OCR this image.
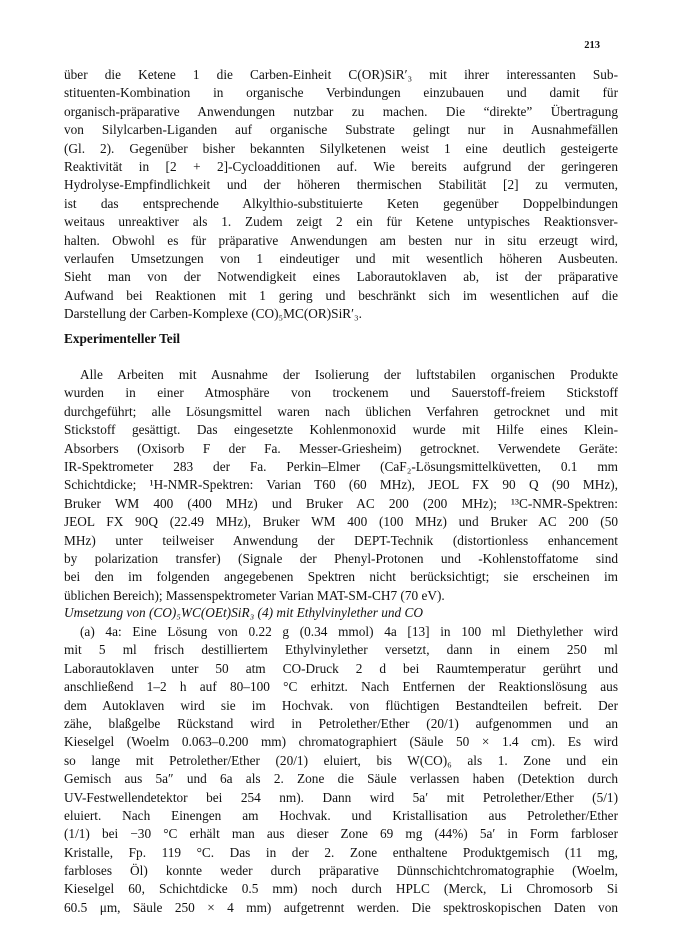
213
über die Ketene 1 die Carben-Einheit C(OR)SiR′₃ mit ihrer interessanten Sub-
stituenten-Kombination in organische Verbindungen einzubauen und damit für
organisch-präparative Anwendungen nutzbar zu machen. Die “direkte” Übertragung
von Silylcarben-Liganden auf organische Substrate gelingt nur in Ausnahmefällen
(Gl. 2). Gegenüber bisher bekannten Silylketenen weist 1 eine deutlich gesteigerte
Reaktivität in [2 + 2]-Cycloadditionen auf. Wie bereits aufgrund der geringeren
Hydrolyse-Empfindlichkeit und der höheren thermischen Stabilität [2] zu vermuten,
ist das entsprechende Alkylthio-substituierte Keten gegenüber Doppelbindungen
weitaus unreaktiver als 1. Zudem zeigt 2 ein für Ketene untypisches Reaktionsver-
halten. Obwohl es für präparative Anwendungen am besten nur in situ erzeugt wird,
verlaufen Umsetzungen von 1 eindeutiger und mit wesentlich höheren Ausbeuten.
Sieht man von der Notwendigkeit eines Laborautoklaven ab, ist der präparative
Aufwand bei Reaktionen mit 1 gering und beschränkt sich im wesentlichen auf die
Darstellung der Carben-Komplexe (CO)₅MC(OR)SiR′₃.
Experimenteller Teil
Alle Arbeiten mit Ausnahme der Isolierung der luftstabilen organischen Produkte
wurden in einer Atmosphäre von trockenem und Sauerstoff-freiem Stickstoff
durchgeführt; alle Lösungsmittel waren nach üblichen Verfahren getrocknet und mit
Stickstoff gesättigt. Das eingesetzte Kohlenmonoxid wurde mit Hilfe eines Klein-
Absorbers (Oxisorb F der Fa. Messer-Griesheim) getrocknet. Verwendete Geräte:
IR-Spektrometer 283 der Fa. Perkin–Elmer (CaF₂-Lösungsmittelküvetten, 0.1 mm
Schichtdicke; ¹H-NMR-Spektren: Varian T60 (60 MHz), JEOL FX 90 Q (90 MHz),
Bruker WM 400 (400 MHz) und Bruker AC 200 (200 MHz); ¹³C-NMR-Spektren:
JEOL FX 90Q (22.49 MHz), Bruker WM 400 (100 MHz) und Bruker AC 200 (50
MHz) unter teilweiser Anwendung der DEPT-Technik (distortionless enhancement
by polarization transfer) (Signale der Phenyl-Protonen und -Kohlenstoffatome sind
bei den im folgenden angegebenen Spektren nicht berücksichtigt; sie erscheinen im
üblichen Bereich); Massenspektrometer Varian MAT-SM-CH7 (70 eV).
Umsetzung von (CO)₅WC(OEt)SiR₃ (4) mit Ethylvinylether und CO
(a) 4a: Eine Lösung von 0.22 g (0.34 mmol) 4a [13] in 100 ml Diethylether wird
mit 5 ml frisch destilliertem Ethylvinylether versetzt, dann in einem 250 ml
Laborautoklaven unter 50 atm CO-Druck 2 d bei Raumtemperatur gerührt und
anschließend 1–2 h auf 80–100 °C erhitzt. Nach Entfernen der Reaktionslösung aus
dem Autoklaven wird sie im Hochvak. von flüchtigen Bestandteilen befreit. Der
zähe, blaßgelbe Rückstand wird in Petrolether/Ether (20/1) aufgenommen und an
Kieselgel (Woelm 0.063–0.200 mm) chromatographiert (Säule 50 × 1.4 cm). Es wird
so lange mit Petrolether/Ether (20/1) eluiert, bis W(CO)₆ als 1. Zone und ein
Gemisch aus 5a″ und 6a als 2. Zone die Säule verlassen haben (Detektion durch
UV-Festwellendetektor bei 254 nm). Dann wird 5a′ mit Petrolether/Ether (5/1)
eluiert. Nach Einengen am Hochvak. und Kristallisation aus Petrolether/Ether
(1/1) bei −30 °C erhält man aus dieser Zone 69 mg (44%) 5a′ in Form farbloser
Kristalle, Fp. 119 °C. Das in der 2. Zone enthaltene Produktgemisch (11 mg,
farbloses Öl) konnte weder durch präparative Dünnschichtchromatographie (Woelm,
Kieselgel 60, Schichtdicke 0.5 mm) noch durch HPLC (Merck, Li Chromosorb Si
60.5 μm, Säule 250 × 4 mm) aufgetrennt werden. Die spektroskopischen Daten von
